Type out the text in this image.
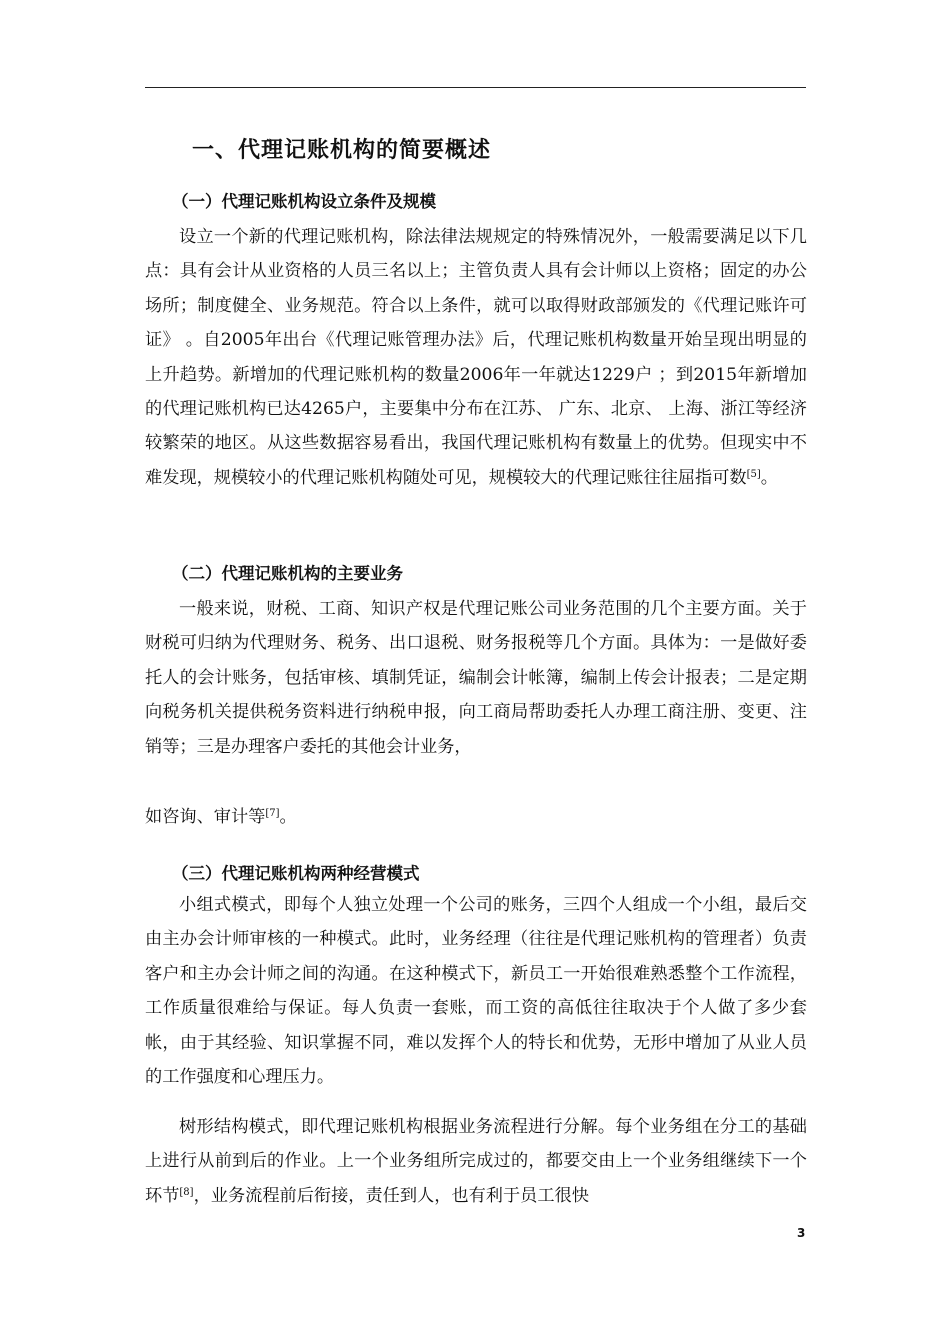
一、代理记账机构的简要概述
（一）代理记账机构设立条件及规模

设立一个新的代理记账机构，除法律法规规定的特殊情况外，一般需要满足以下几点：具有会计从业资格的人员三名以上；主管负责人具有会计师以上资格；固定的办公场所；制度健全、业务规范。符合以上条件，就可以取得财政部颁发的《代理记账许可证》 。自2005年出台《代理记账管理办法》后，代理记账机构数量开始呈现出明显的上升趋势。新增加的代理记账机构的数量2006年一年就达1229户 ；到2015年新增加的代理记账机构已达4265户，主要集中分布在江苏、 广东、北京、 上海、浙江等经济较繁荣的地区。从这些数据容易看出，我国代理记账机构有数量上的优势。但现实中不难发现，规模较小的代理记账机构随处可见，规模较大的代理记账往往屈指可数[5]。

（二）代理记账机构的主要业务

一般来说，财税、工商、知识产权是代理记账公司业务范围的几个主要方面。关于财税可归纳为代理财务、税务、出口退税、财务报税等几个方面。具体为：一是做好委托人的会计账务，包括审核、填制凭证，编制会计帐簿，编制上传会计报表；二是定期向税务机关提供税务资料进行纳税申报，向工商局帮助委托人办理工商注册、变更、注销等；三是办理客户委托的其他会计业务，

如咨询、审计等[7]。

（三）代理记账机构两种经营模式

小组式模式，即每个人独立处理一个公司的账务，三四个人组成一个小组，最后交由主办会计师审核的一种模式。此时，业务经理（往往是代理记账机构的管理者）负责客户和主办会计师之间的沟通。在这种模式下，新员工一开始很难熟悉整个工作流程，工作质量很难给与保证。每人负责一套账，而工资的高低往往取决于个人做了多少套帐，由于其经验、知识掌握不同，难以发挥个人的特长和优势，无形中增加了从业人员的工作强度和心理压力。

树形结构模式，即代理记账机构根据业务流程进行分解。每个业务组在分工的基础上进行从前到后的作业。上一个业务组所完成过的，都要交由上一个业务组继续下一个环节[8]，业务流程前后衔接，责任到人，也有利于员工很快

3
